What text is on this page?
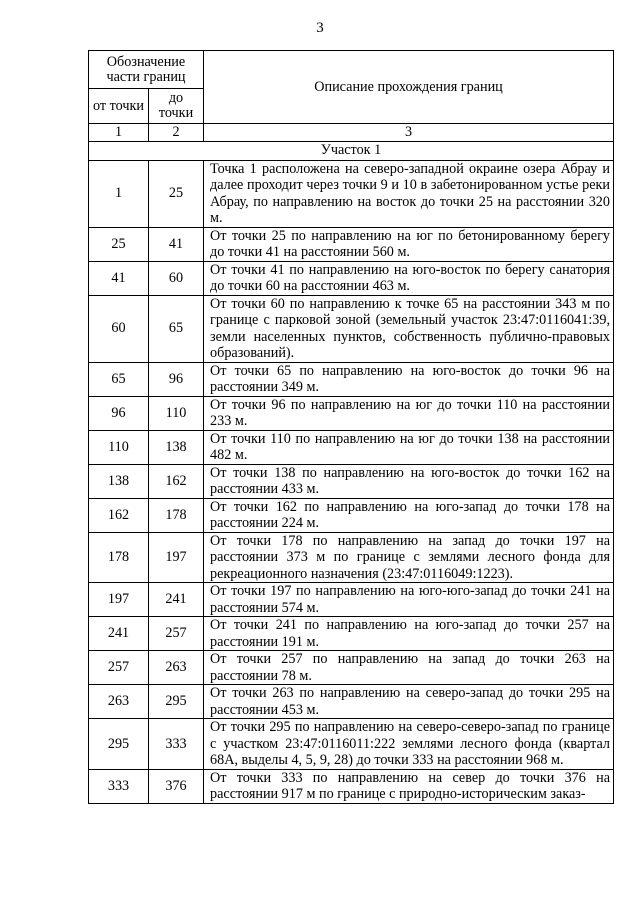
3
Обозначение части границ		Описание прохождения границ
от точки	до точки	
1	2	3
Участок 1		
1	25	Точка 1 расположена на северо-западной окраине озера Абрау и далее проходит через точки 9 и 10 в забетонированном устье реки Абрау, по направлению на восток до точки 25 на расстоянии 320 м.
25	41	От точки 25 по направлению на юг по бетонированному берегу до точки 41 на расстоянии 560 м.
41	60	От точки 41 по направлению на юго-восток по берегу санатория до точки 60 на расстоянии 463 м.
60	65	От точки 60 по направлению к точке 65 на расстоянии 343 м по границе с парковой зоной (земельный участок 23:47:0116041:39, земли населенных пунктов, собственность публично-правовых образований).
65	96	От точки 65 по направлению на юго-восток до точки 96 на расстоянии 349 м.
96	110	От точки 96 по направлению на юг до точки 110 на расстоянии 233 м.
110	138	От точки 110 по направлению на юг до точки 138 на расстоянии 482 м.
138	162	От точки 138 по направлению на юго-восток до точки 162 на расстоянии 433 м.
162	178	От точки 162 по направлению на юго-запад до точки 178 на расстоянии 224 м.
178	197	От точки 178 по направлению на запад до точки 197 на расстоянии 373 м по границе с землями лесного фонда для рекреационного назначения (23:47:0116049:1223).
197	241	От точки 197 по направлению на юго-юго-запад до точки 241 на расстоянии 574 м.
241	257	От точки 241 по направлению на юго-запад до точки 257 на расстоянии 191 м.
257	263	От точки 257 по направлению на запад до точки 263 на расстоянии 78 м.
263	295	От точки 263 по направлению на северо-запад до точки 295 на расстоянии 453 м.
295	333	От точки 295 по направлению на северо-северо-запад по границе с участком 23:47:0116011:222 землями лесного фонда (квартал 68А, выделы 4, 5, 9, 28) до точки 333 на расстоянии 968 м.
333	376	От точки 333 по направлению на север до точки 376 на расстоянии 917 м по границе с природно-историческим заказ-
